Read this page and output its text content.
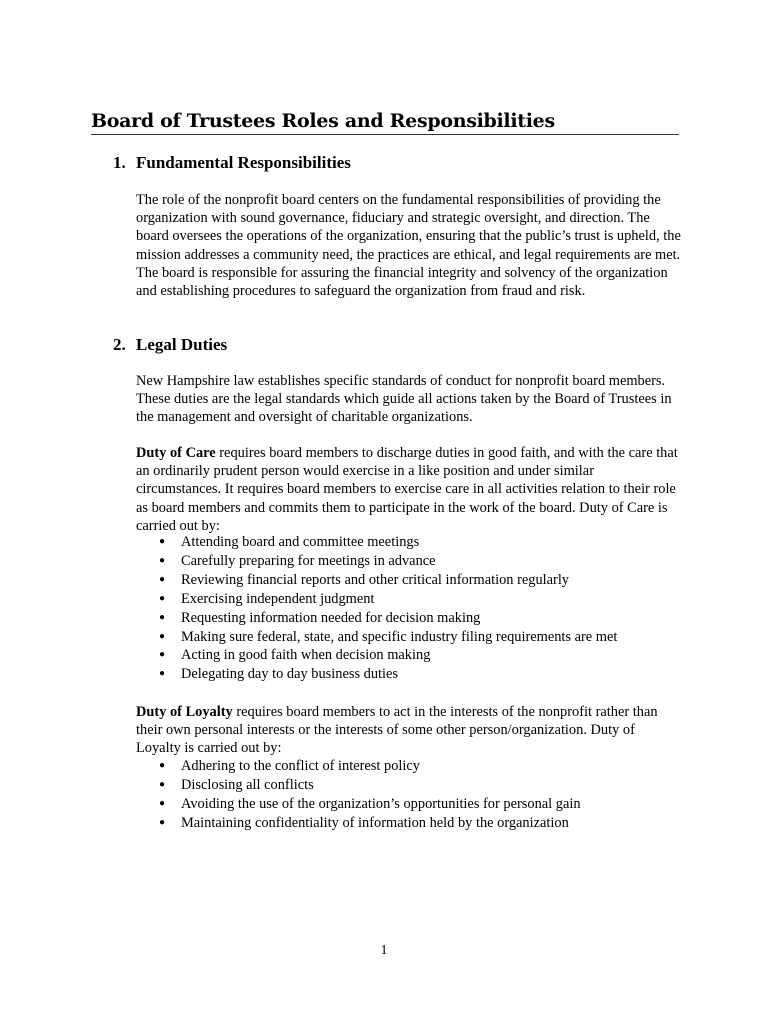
Board of Trustees Roles and Responsibilities
1. Fundamental Responsibilities

The role of the nonprofit board centers on the fundamental responsibilities of providing the organization with sound governance, fiduciary and strategic oversight, and direction. The board oversees the operations of the organization, ensuring that the public’s trust is upheld, the mission addresses a community need, the practices are ethical, and legal requirements are met. The board is responsible for assuring the financial integrity and solvency of the organization and establishing procedures to safeguard the organization from fraud and risk.

2. Legal Duties

New Hampshire law establishes specific standards of conduct for nonprofit board members. These duties are the legal standards which guide all actions taken by the Board of Trustees in the management and oversight of charitable organizations.

Duty of Care requires board members to discharge duties in good faith, and with the care that an ordinarily prudent person would exercise in a like position and under similar circumstances. It requires board members to exercise care in all activities relation to their role as board members and commits them to participate in the work of the board. Duty of Care is carried out by:

● Attending board and committee meetings
● Carefully preparing for meetings in advance
● Reviewing financial reports and other critical information regularly
● Exercising independent judgment
● Requesting information needed for decision making
● Making sure federal, state, and specific industry filing requirements are met
● Acting in good faith when decision making
● Delegating day to day business duties

Duty of Loyalty requires board members to act in the interests of the nonprofit rather than their own personal interests or the interests of some other person/organization. Duty of Loyalty is carried out by:

● Adhering to the conflict of interest policy
● Disclosing all conflicts
● Avoiding the use of the organization’s opportunities for personal gain
● Maintaining confidentiality of information held by the organization
1
